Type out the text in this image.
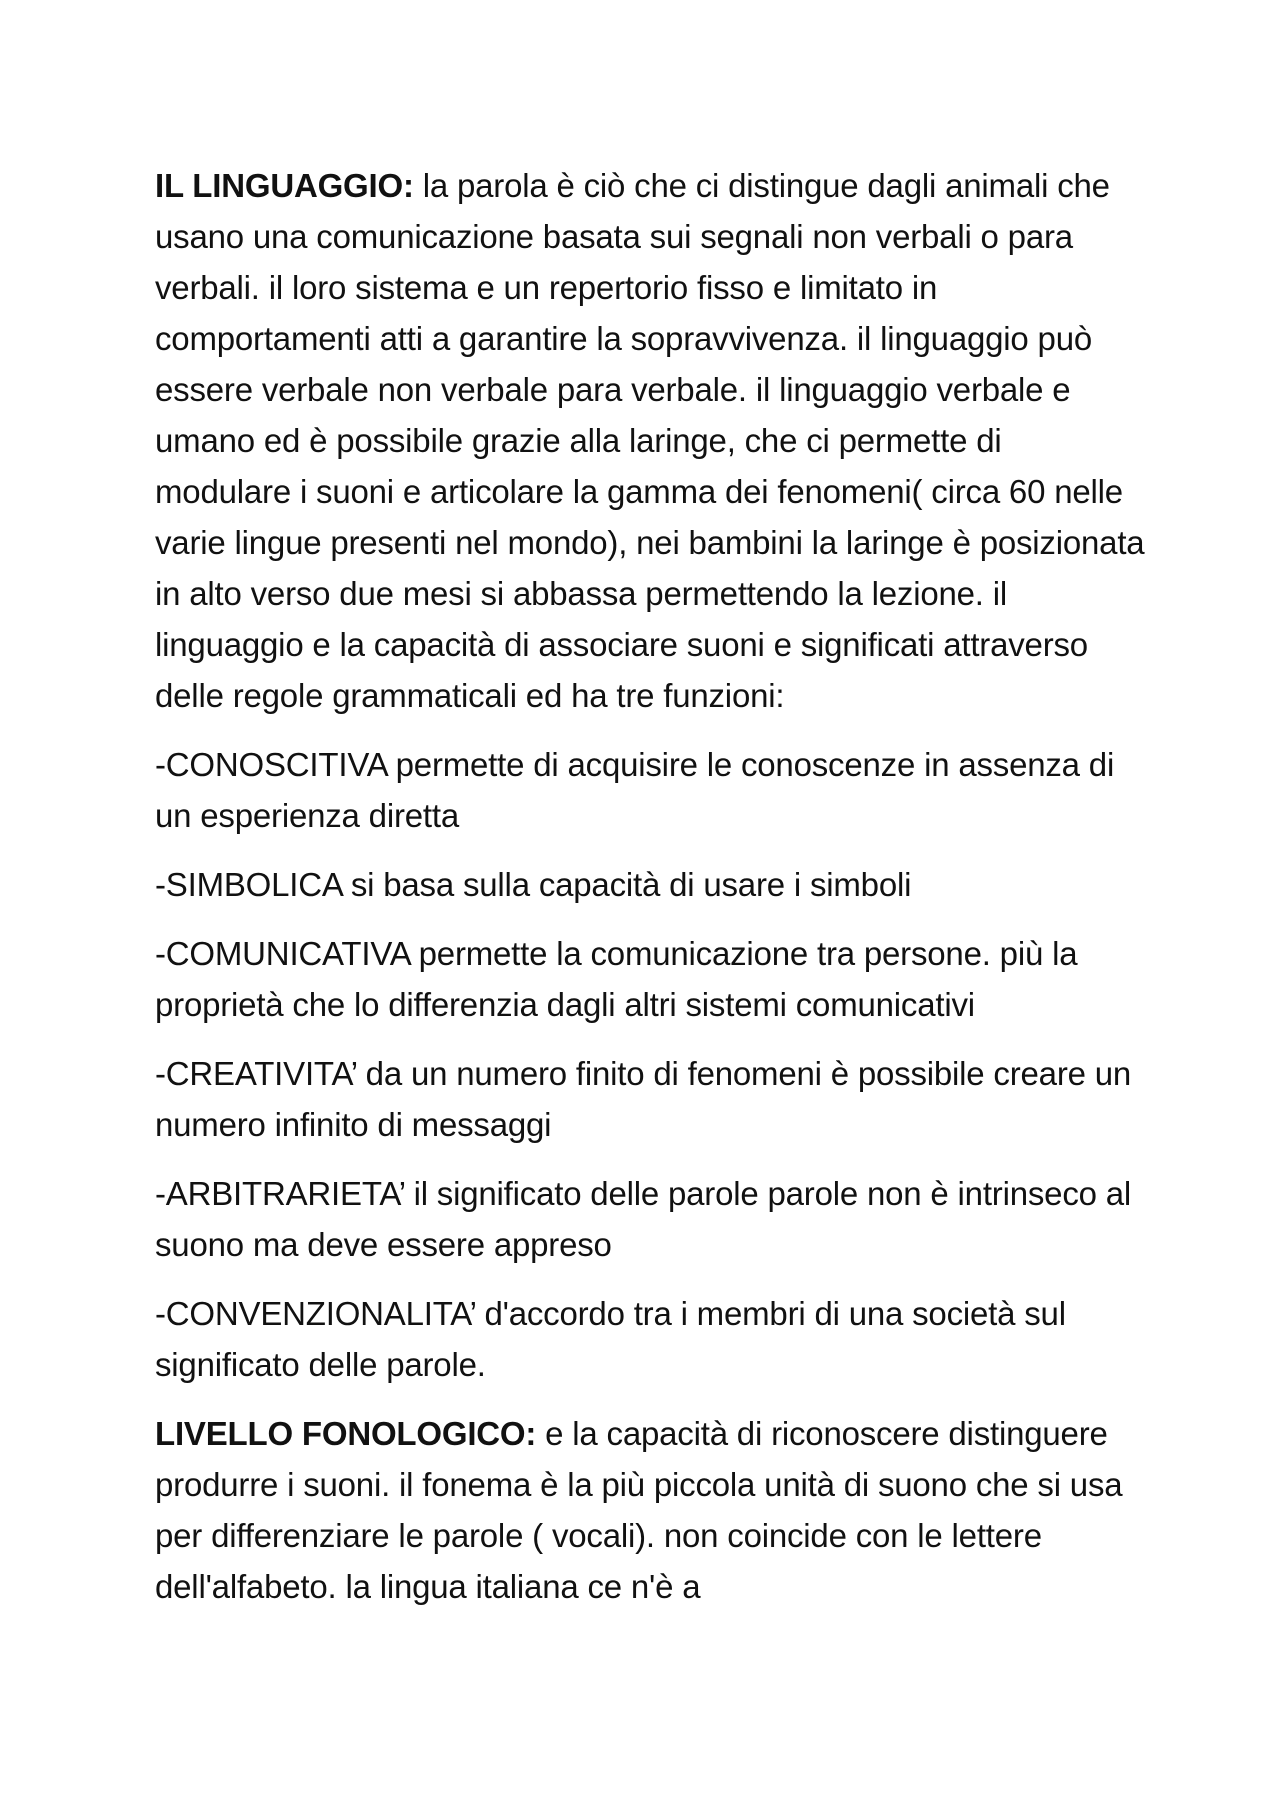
IL LINGUAGGIO: la parola è ciò che ci distingue dagli animali che usano una comunicazione basata sui segnali non verbali o para verbali. il loro sistema e un repertorio fisso e limitato in comportamenti atti a garantire la sopravvivenza. il linguaggio può essere verbale non verbale para verbale. il linguaggio verbale e umano ed è possibile grazie alla laringe, che ci permette di modulare i suoni e articolare la gamma dei fenomeni( circa 60 nelle varie lingue presenti nel mondo), nei bambini la laringe è posizionata in alto verso due mesi si abbassa permettendo la lezione. il linguaggio e la capacità di associare suoni e significati attraverso delle regole grammaticali ed ha tre funzioni:

-CONOSCITIVA permette di acquisire le conoscenze in assenza di un esperienza diretta

-SIMBOLICA si basa sulla capacità di usare i simboli

-COMUNICATIVA permette la comunicazione tra persone. più la proprietà che lo differenzia dagli altri sistemi comunicativi

-CREATIVITA’ da un numero finito di fenomeni è possibile creare un numero infinito di messaggi

-ARBITRARIETA’ il significato delle parole parole non è intrinseco al suono ma deve essere appreso

-CONVENZIONALITA’ d'accordo tra i membri di una società sul significato delle parole.

LIVELLO FONOLOGICO: e la capacità di riconoscere distinguere produrre i suoni. il fonema è la più piccola unità di suono che si usa per differenziare le parole ( vocali). non coincide con le lettere dell'alfabeto. la lingua italiana ce n'è a
